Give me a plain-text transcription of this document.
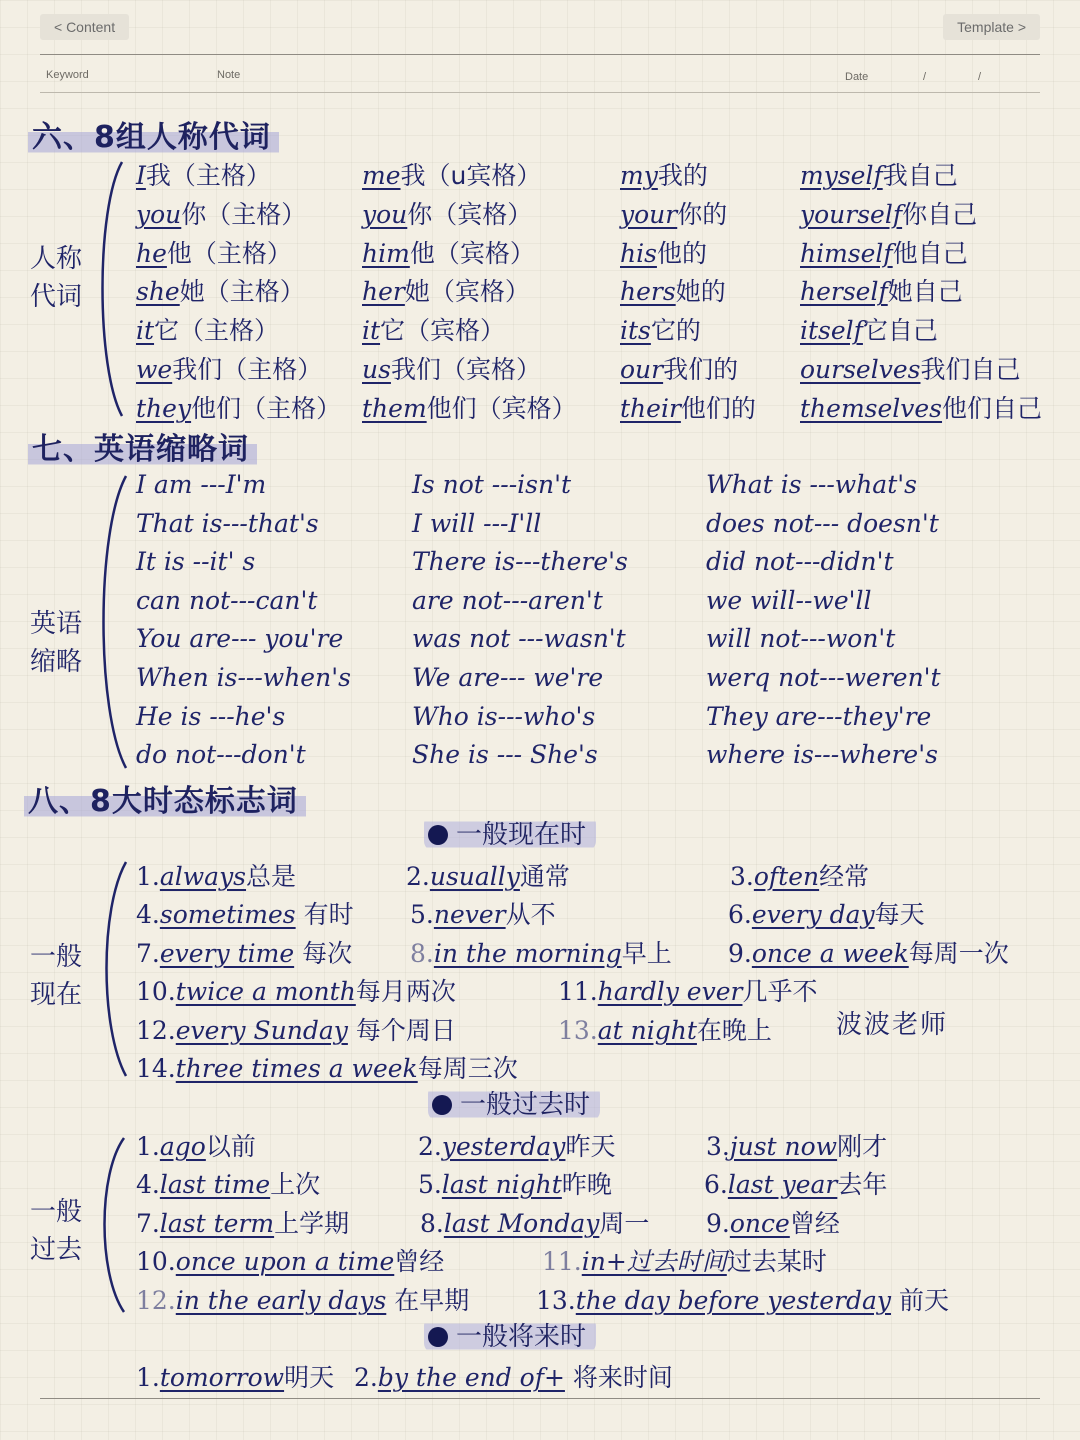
< Content	Template >
Keyword	Note	Date	/	/
六、8组人称代词
人称
代词
I我（主格）	me我（u宾格）	my我的	myself我自己
you你（主格） you你（宾格）	your你的	yourself你自己
he他（主格）	him他（宾格）	his他的	himself他自己
she她（主格） her她（宾格）	hers她的	herself她自己
it它（主格）	it它（宾格）	its它的	itself它自己
we我们（主格） us我们（宾格）	our我们的 ourselves我们自己
they他们（主格） them他们（宾格） their他们的 themselves他们自己
七、英语缩略词
英语
缩略
I am ---I'm	Is not ---isn't	What is ---what's
That is---that's	I will ---I'll	does not--- doesn't
It is --it' s	There is---there's	did not---didn't
can not---can't	are not---aren't	we will--we'll
You are--- you're	was not ---wasn't	will not---won't
When is---when's We are--- we're	werq not---weren't
He is ---he's	Who is---who's	They are---they're
do not---don't	She is --- She's	where is---where's
八、8大时态标志词
一般现在时
一般
现在
1.always总是	2.usually通常	3.often经常
4.sometimes 有时 5.never从不	6.every day每天
7.every time 每次 8.in the morning早上 9.once a week每周一次
10.twice a month每月两次	11.hardly ever几乎不
12.every Sunday 每个周日	13.at night在晚上
14.three times a week每周三次
波波老师
一般过去时
一般
过去
1.ago以前	2.yesterday昨天	3.just now刚才
4.last time上次	5.last night昨晚	6.last year去年
7.last term上学期	8.last Monday周一 9.once曾经
10.once upon a time曾经	11.in+过去时间过去某时
12.in the early days 在早期	13.the day before yesterday 前天
一般将来时
1.tomorrow明天 2.by the end of+ 将来时间
